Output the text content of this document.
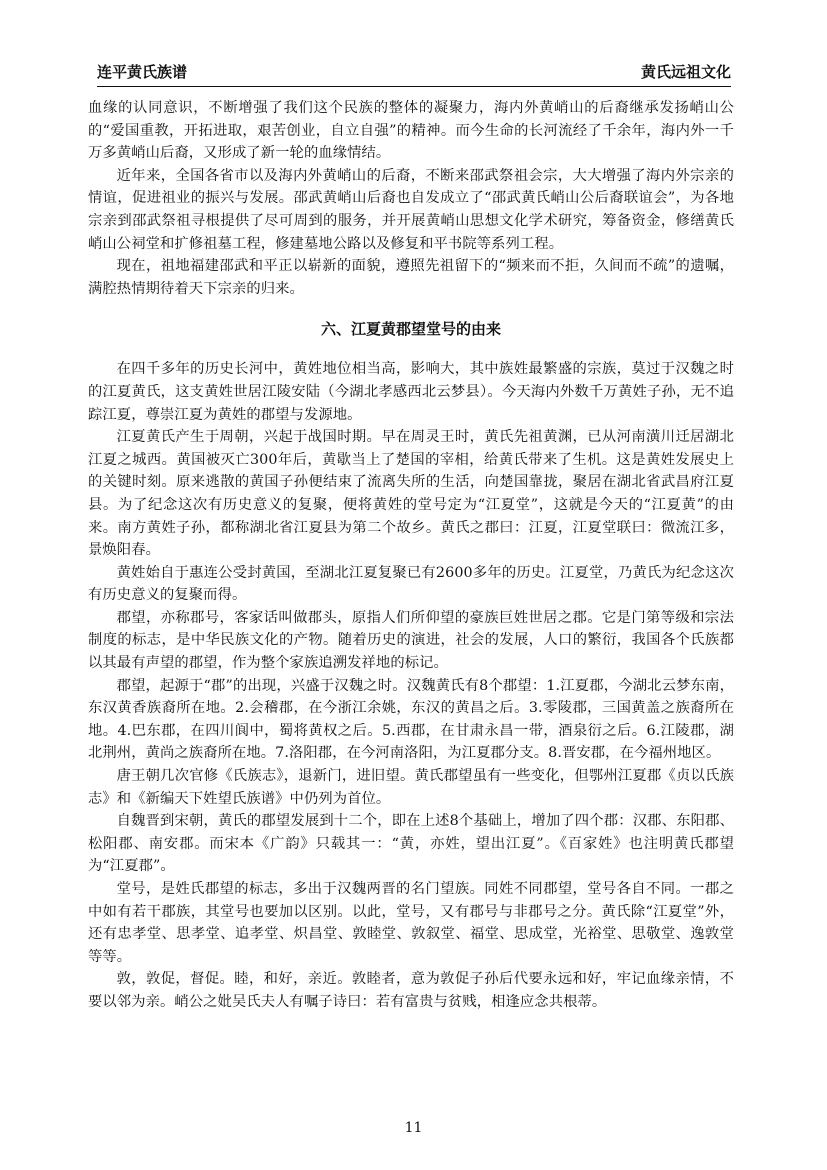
连平黄氏族谱	黄氏远祖文化

血缘的认同意识，不断增强了我们这个民族的整体的凝聚力，海内外黄峭山的后裔继承发扬峭山公的“爱国重教，开拓进取，艰苦创业，自立自强”的精神。而今生命的长河流经了千余年，海内外一千万多黄峭山后裔，又形成了新一轮的血缘情结。

近年来，全国各省市以及海内外黄峭山的后裔，不断来邵武祭祖会宗，大大增强了海内外宗亲的情谊，促进祖业的振兴与发展。邵武黄峭山后裔也自发成立了“邵武黄氏峭山公后裔联谊会”，为各地宗亲到邵武祭祖寻根提供了尽可周到的服务，并开展黄峭山思想文化学术研究，筹备资金，修缮黄氏峭山公祠堂和扩修祖墓工程，修建墓地公路以及修复和平书院等系列工程。

现在，祖地福建邵武和平正以崭新的面貌，遵照先祖留下的“频来而不拒，久间而不疏”的遗嘱，满腔热情期待着天下宗亲的归来。

六、江夏黄郡望堂号的由来

在四千多年的历史长河中，黄姓地位相当高，影响大，其中族姓最繁盛的宗族，莫过于汉魏之时的江夏黄氏，这支黄姓世居江陵安陆（今湖北孝感西北云梦县）。今天海内外数千万黄姓子孙，无不追踪江夏，尊崇江夏为黄姓的郡望与发源地。

江夏黄氏产生于周朝，兴起于战国时期。早在周灵王时，黄氏先祖黄渊，已从河南潢川迁居湖北江夏之城西。黄国被灭亡300年后，黄歇当上了楚国的宰相，给黄氏带来了生机。这是黄姓发展史上的关键时刻。原来逃散的黄国子孙便结束了流离失所的生活，向楚国靠拢，聚居在湖北省武昌府江夏县。为了纪念这次有历史意义的复聚，便将黄姓的堂号定为“江夏堂”，这就是今天的“江夏黄”的由来。南方黄姓子孙，都称湖北省江夏县为第二个故乡。黄氏之郡曰：江夏，江夏堂联曰：微流江多，景焕阳春。

黄姓始自于惠连公受封黄国，至湖北江夏复聚已有2600多年的历史。江夏堂，乃黄氏为纪念这次有历史意义的复聚而得。

郡望，亦称郡号，客家话叫做郡头，原指人们所仰望的豪族巨姓世居之郡。它是门第等级和宗法制度的标志，是中华民族文化的产物。随着历史的演进，社会的发展，人口的繁衍，我国各个氏族都以其最有声望的郡望，作为整个家族追溯发祥地的标记。

郡望，起源于“郡”的出现，兴盛于汉魏之时。汉魏黄氏有8个郡望：1.江夏郡，今湖北云梦东南，东汉黄香族裔所在地。2.会稽郡，在今浙江余姚，东汉的黄昌之后。3.零陵郡，三国黄盖之族裔所在地。4.巴东郡，在四川阆中，蜀将黄权之后。5.西郡，在甘肃永昌一带，酒泉衍之后。6.江陵郡，湖北荆州，黄尚之族裔所在地。7.洛阳郡，在今河南洛阳，为江夏郡分支。8.晋安郡，在今福州地区。

唐王朝几次官修《氏族志》，退新门，进旧望。黄氏郡望虽有一些变化，但鄂州江夏郡《贞以氏族志》和《新编天下姓望氏族谱》中仍列为首位。

自魏晋到宋朝，黄氏的郡望发展到十二个，即在上述8个基础上，增加了四个郡：汉郡、东阳郡、松阳郡、南安郡。而宋本《广韵》只载其一：“黄，亦姓，望出江夏”。《百家姓》也注明黄氏郡望为“江夏郡”。

堂号，是姓氏郡望的标志，多出于汉魏两晋的名门望族。同姓不同郡望，堂号各自不同。一郡之中如有若干郡族，其堂号也要加以区别。以此，堂号，又有郡号与非郡号之分。黄氏除“江夏堂”外，还有忠孝堂、思孝堂、追孝堂、炽昌堂、敦睦堂、敦叙堂、福堂、思成堂，光裕堂、思敬堂、逸敦堂等等。

敦，敦促，督促。睦，和好，亲近。敦睦者，意为敦促子孙后代要永远和好，牢记血缘亲情，不要以邻为亲。峭公之妣吴氏夫人有嘱子诗曰：若有富贵与贫贱，相逢应念共根蒂。

11
